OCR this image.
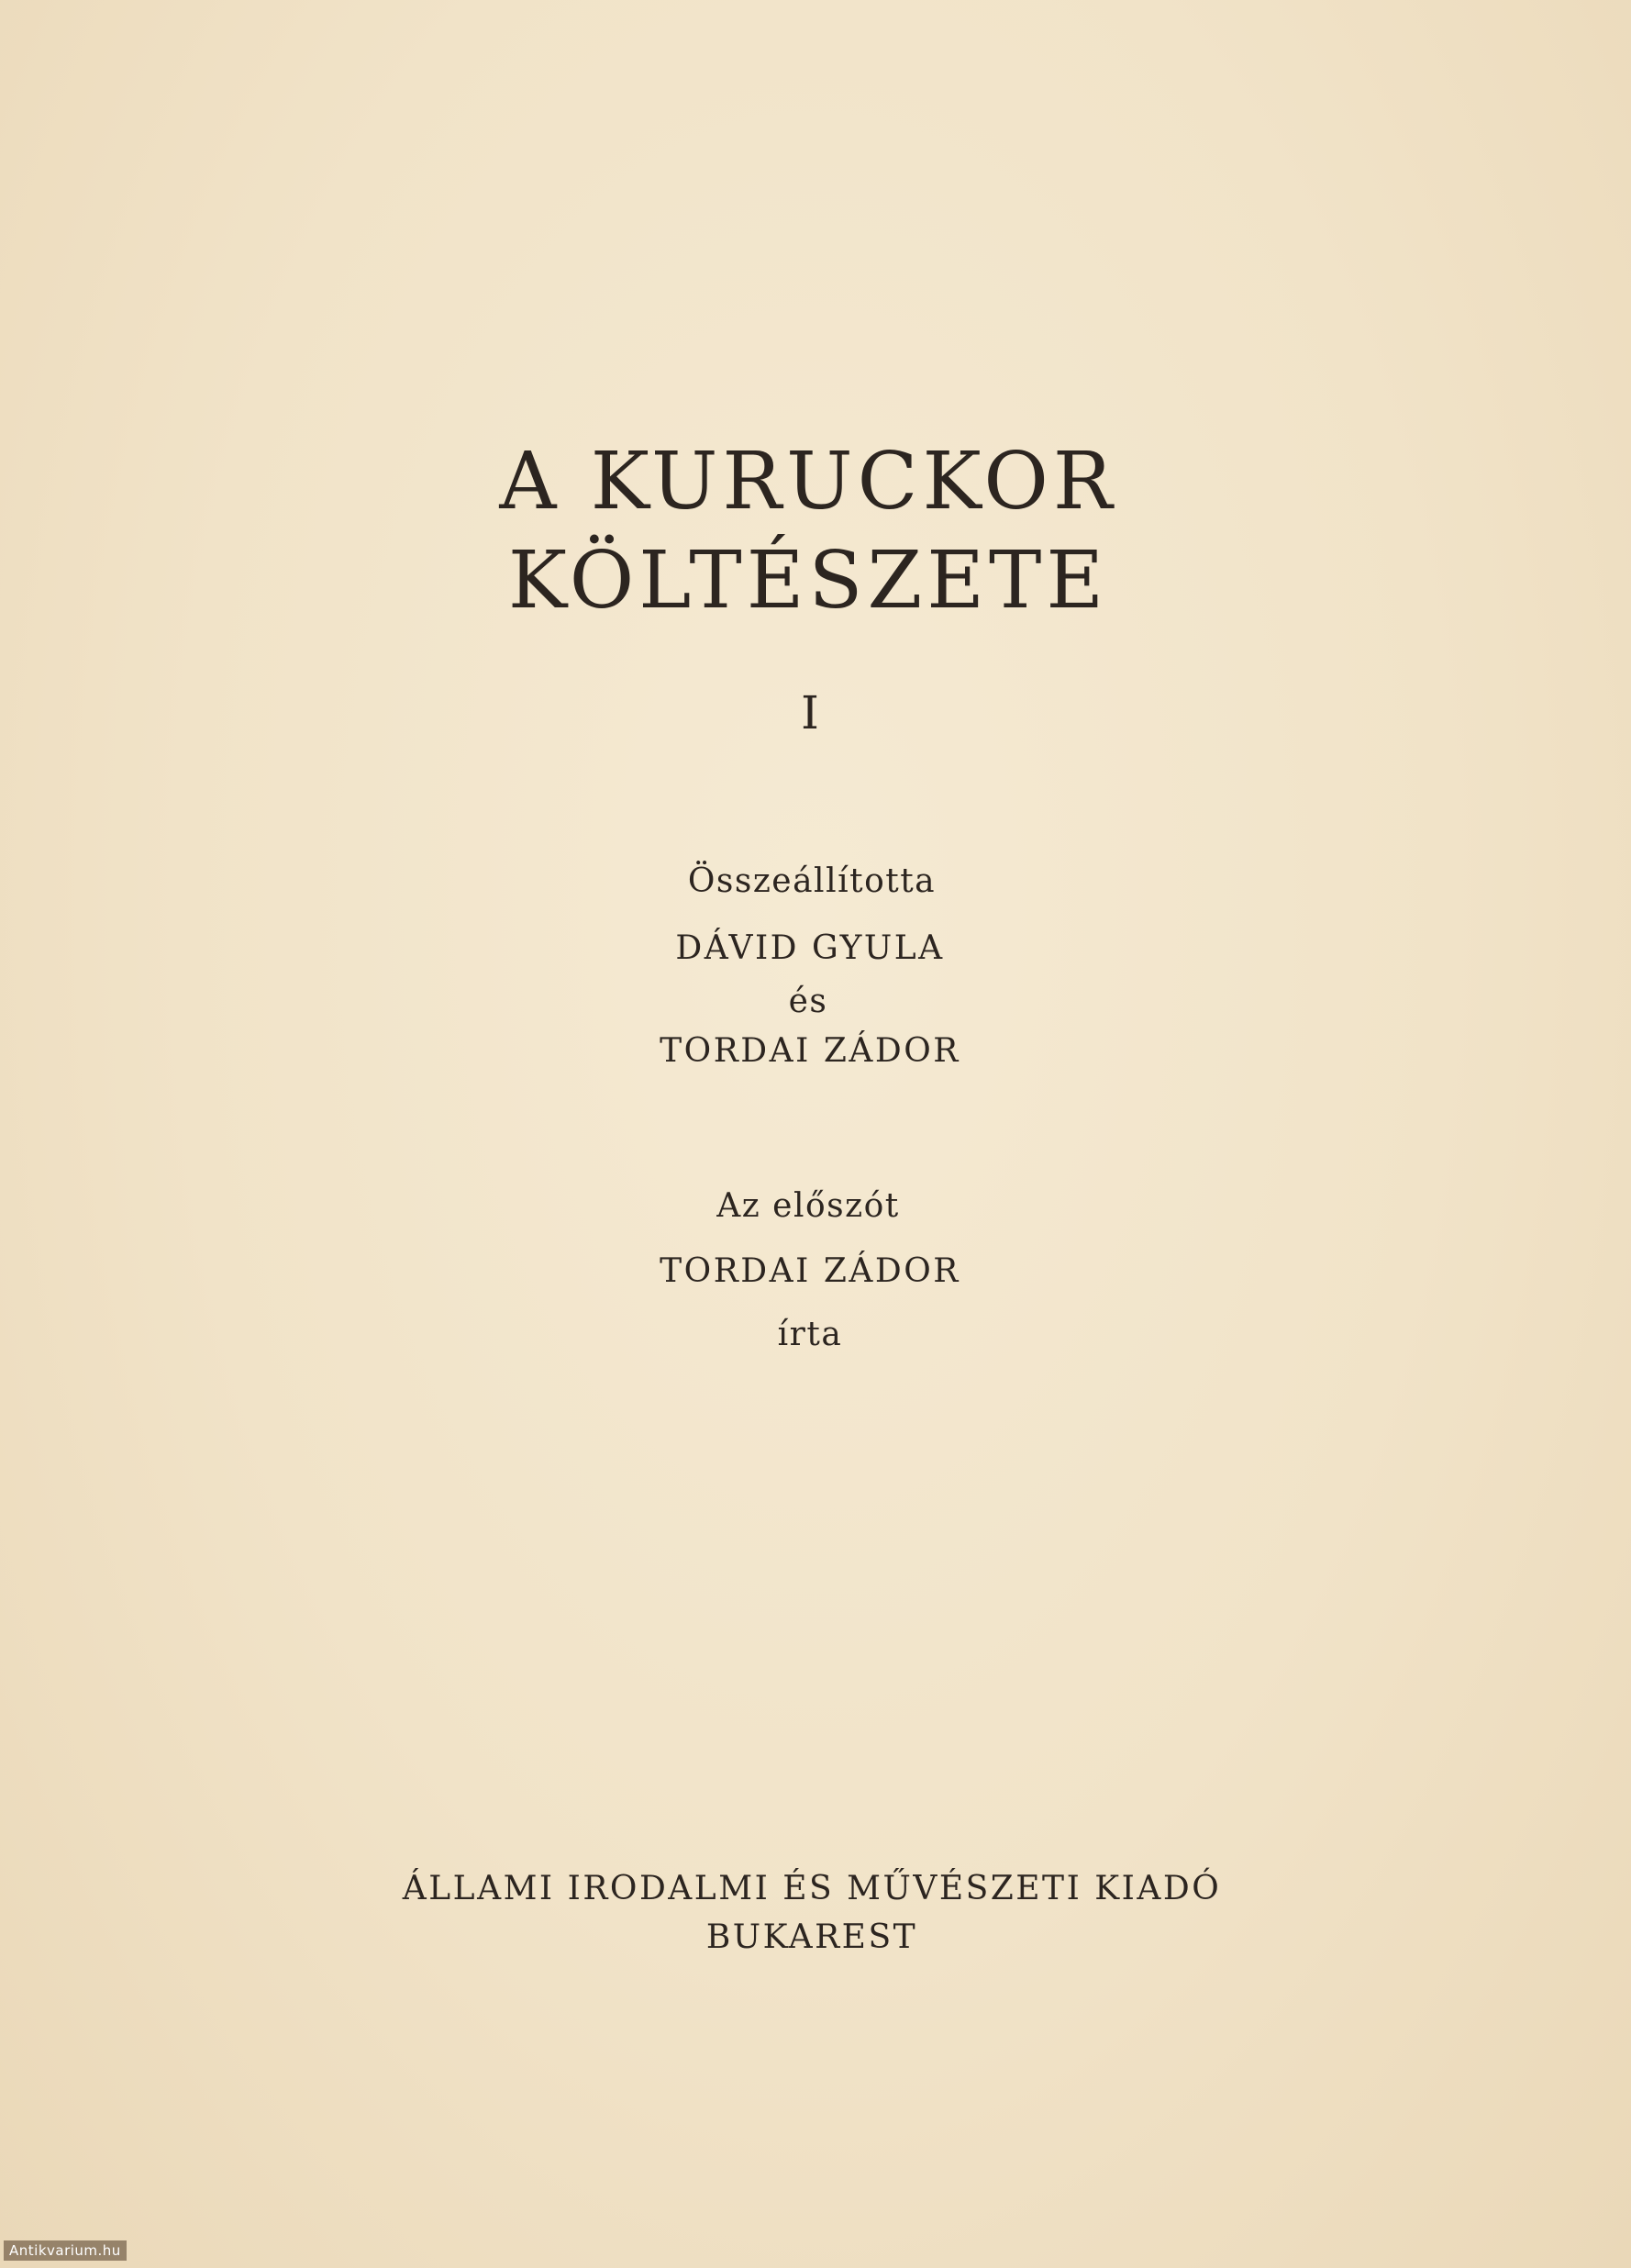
A KURUCKOR
KÖLTÉSZETE
I
Összeállította
DÁVID GYULA
és
TORDAI ZÁDOR
Az előszót
TORDAI ZÁDOR
írta
ÁLLAMI IRODALMI ÉS MŰVÉSZETI KIADÓ
BUKAREST
Antikvarium.hu
